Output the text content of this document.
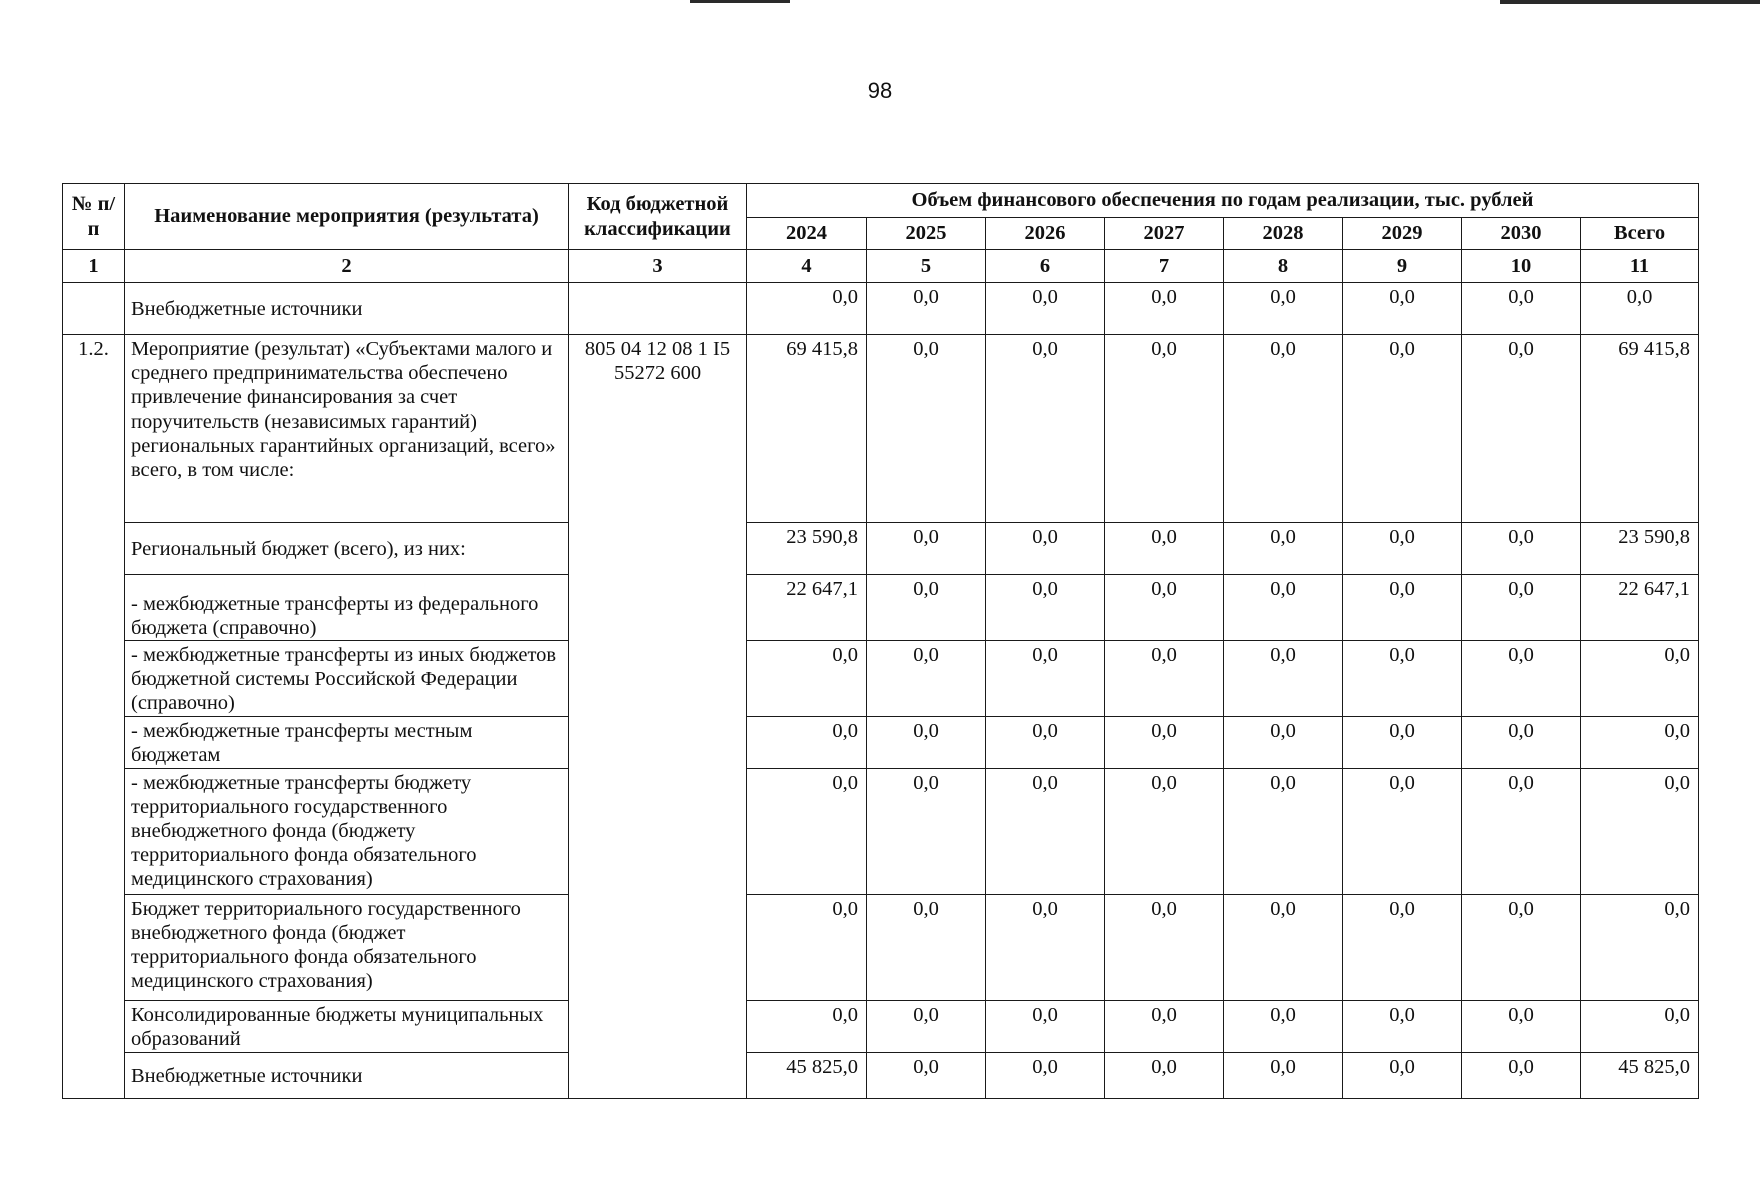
98
№ п/п	Наименование мероприятия (результата)	Код бюджетной классификации	Объем финансового обеспечения по годам реализации, тыс. рублей							
			2024	2025	2026	2027	2028	2029	2030	Всего
1	2	3	4	5	6	7	8	9	10	11
	Внебюджетные источники		0,0	0,0	0,0	0,0	0,0	0,0	0,0	0,0
1.2.	Мероприятие (результат) «Субъектами малого и среднего предпринимательства обеспечено привлечение финансирования за счет поручительств (независимых гарантий) региональных гарантийных организаций, всего» всего, в том числе:	805 04 12 08 1 I5 55272 600	69 415,8	0,0	0,0	0,0	0,0	0,0	0,0	69 415,8
	Региональный бюджет (всего), из них:		23 590,8	0,0	0,0	0,0	0,0	0,0	0,0	23 590,8
	- межбюджетные трансферты из федерального бюджета (справочно)		22 647,1	0,0	0,0	0,0	0,0	0,0	0,0	22 647,1
	- межбюджетные трансферты из иных бюджетов бюджетной системы Российской Федерации (справочно)		0,0	0,0	0,0	0,0	0,0	0,0	0,0	0,0
	- межбюджетные трансферты местным бюджетам		0,0	0,0	0,0	0,0	0,0	0,0	0,0	0,0
	- межбюджетные трансферты бюджету территориального государственного внебюджетного фонда (бюджету территориального фонда обязательного медицинского страхования)		0,0	0,0	0,0	0,0	0,0	0,0	0,0	0,0
	Бюджет территориального государственного внебюджетного фонда (бюджет территориального фонда обязательного медицинского страхования)		0,0	0,0	0,0	0,0	0,0	0,0	0,0	0,0
	Консолидированные бюджеты муниципальных образований		0,0	0,0	0,0	0,0	0,0	0,0	0,0	0,0
	Внебюджетные источники		45 825,0	0,0	0,0	0,0	0,0	0,0	0,0	45 825,0
